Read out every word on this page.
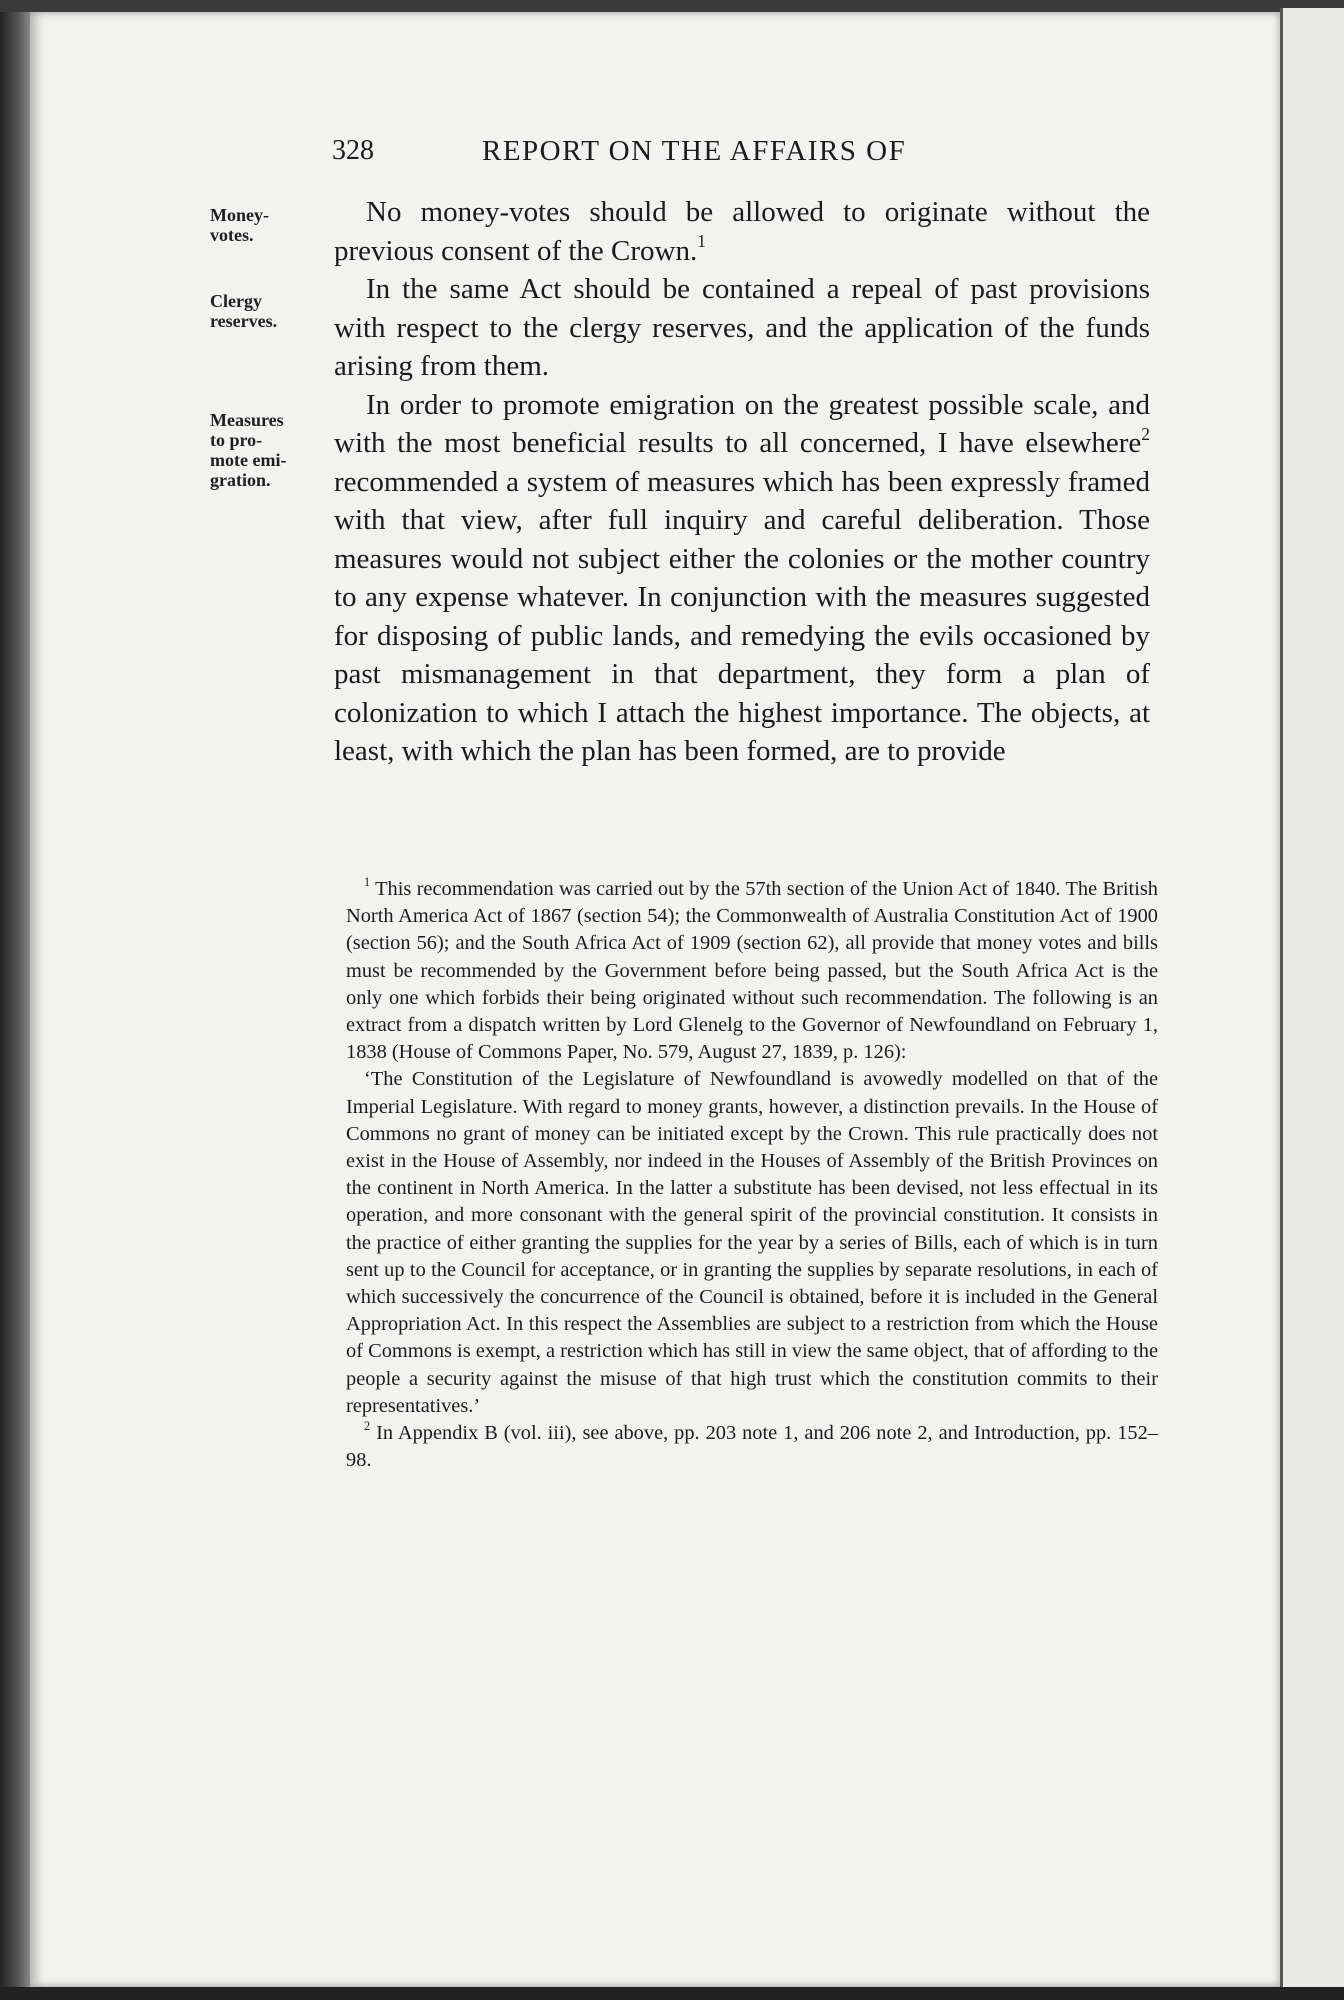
328	REPORT ON THE AFFAIRS OF
Money-
votes.
Clergy
reserves.
Measures
to pro-
mote emi-
gration.

No money-votes should be allowed to originate without the previous consent of the Crown.$^1$

In the same Act should be contained a repeal of past provisions with respect to the clergy reserves, and the application of the funds arising from them.

In order to promote emigration on the greatest possible scale, and with the most beneficial results to all concerned, I have elsewhere$^2$ recommended a system of measures which has been expressly framed with that view, after full inquiry and careful deliberation. Those measures would not subject either the colonies or the mother country to any expense whatever. In conjunction with the measures suggested for disposing of public lands, and remedying the evils occasioned by past mismanagement in that department, they form a plan of colonization to which I attach the highest importance. The objects, at least, with which the plan has been formed, are to provide

$^1$ This recommendation was carried out by the 57th section of the Union Act of 1840. The British North America Act of 1867 (section 54); the Commonwealth of Australia Constitution Act of 1900 (section 56); and the South Africa Act of 1909 (section 62), all provide that money votes and bills must be recommended by the Government before being passed, but the South Africa Act is the only one which forbids their being originated without such recommendation. The following is an extract from a dispatch written by Lord Glenelg to the Governor of Newfoundland on February 1, 1838 (House of Commons Paper, No. 579, August 27, 1839, p. 126):

‘The Constitution of the Legislature of Newfoundland is avowedly modelled on that of the Imperial Legislature. With regard to money grants, however, a distinction prevails. In the House of Commons no grant of money can be initiated except by the Crown. This rule practically does not exist in the House of Assembly, nor indeed in the Houses of Assembly of the British Provinces on the continent in North America. In the latter a substitute has been devised, not less effectual in its operation, and more consonant with the general spirit of the provincial constitution. It consists in the practice of either granting the supplies for the year by a series of Bills, each of which is in turn sent up to the Council for acceptance, or in granting the supplies by separate resolutions, in each of which successively the concurrence of the Council is obtained, before it is included in the General Appropriation Act. In this respect the Assemblies are subject to a restriction from which the House of Commons is exempt, a restriction which has still in view the same object, that of affording to the people a security against the misuse of that high trust which the constitution commits to their representatives.’

$^2$ In Appendix B (vol. iii), see above, pp. 203 note 1, and 206 note 2, and Introduction, pp. 152–98.
